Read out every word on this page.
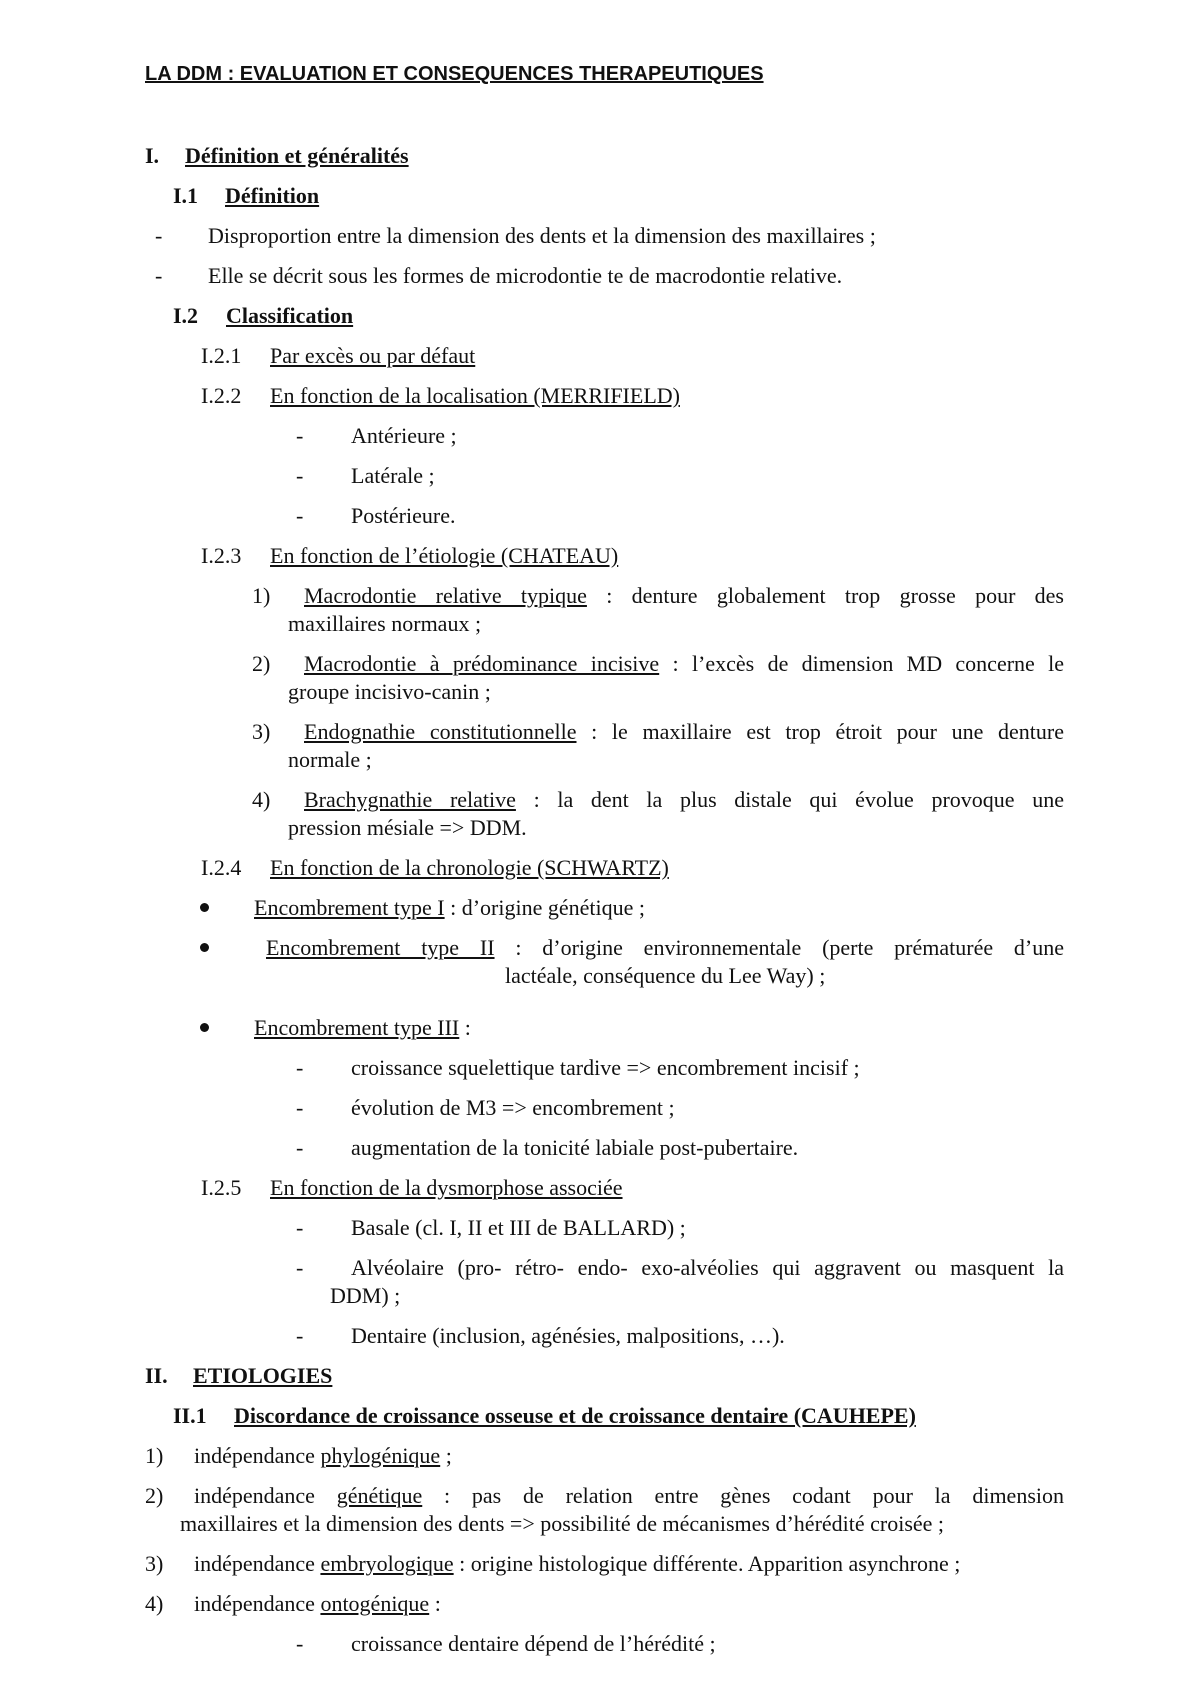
LA DDM : EVALUATION ET CONSEQUENCES THERAPEUTIQUES
I. Définition et généralités
I.1 Définition
- Disproportion entre la dimension des dents et la dimension des maxillaires ;
- Elle se décrit sous les formes de microdontie te de macrodontie relative.
I.2 Classification
I.2.1 Par excès ou par défaut
I.2.2 En fonction de la localisation (MERRIFIELD)
- Antérieure ;
- Latérale ;
- Postérieure.
I.2.3 En fonction de l’étiologie (CHATEAU)
1) Macrodontie relative typique : denture globalement trop grosse pour des
maxillaires normaux ;
2) Macrodontie à prédominance incisive : l’excès de dimension MD concerne le
groupe incisivo-canin ;
3) Endognathie constitutionnelle : le maxillaire est trop étroit pour une denture
normale ;
4) Brachygnathie relative : la dent la plus distale qui évolue provoque une
pression mésiale => DDM.
I.2.4 En fonction de la chronologie (SCHWARTZ)
Encombrement type I : d’origine génétique ;
Encombrement type II : d’origine environnementale (perte prématurée d’une
lactéale, conséquence du Lee Way) ;
Encombrement type III :
- croissance squelettique tardive => encombrement incisif ;
- évolution de M3 => encombrement ;
- augmentation de la tonicité labiale post-pubertaire.
I.2.5 En fonction de la dysmorphose associée
- Basale (cl. I, II et III de BALLARD) ;
- Alvéolaire (pro- rétro- endo- exo-alvéolies qui aggravent ou masquent la
DDM) ;
- Dentaire (inclusion, agénésies, malpositions, …).
II. ETIOLOGIES
II.1 Discordance de croissance osseuse et de croissance dentaire (CAUHEPE)
1) indépendance phylogénique ;
2) indépendance génétique : pas de relation entre gènes codant pour la dimension
maxillaires et la dimension des dents => possibilité de mécanismes d’hérédité croisée ;
3) indépendance embryologique : origine histologique différente. Apparition asynchrone ;
4) indépendance ontogénique :
- croissance dentaire dépend de l’hérédité ;
